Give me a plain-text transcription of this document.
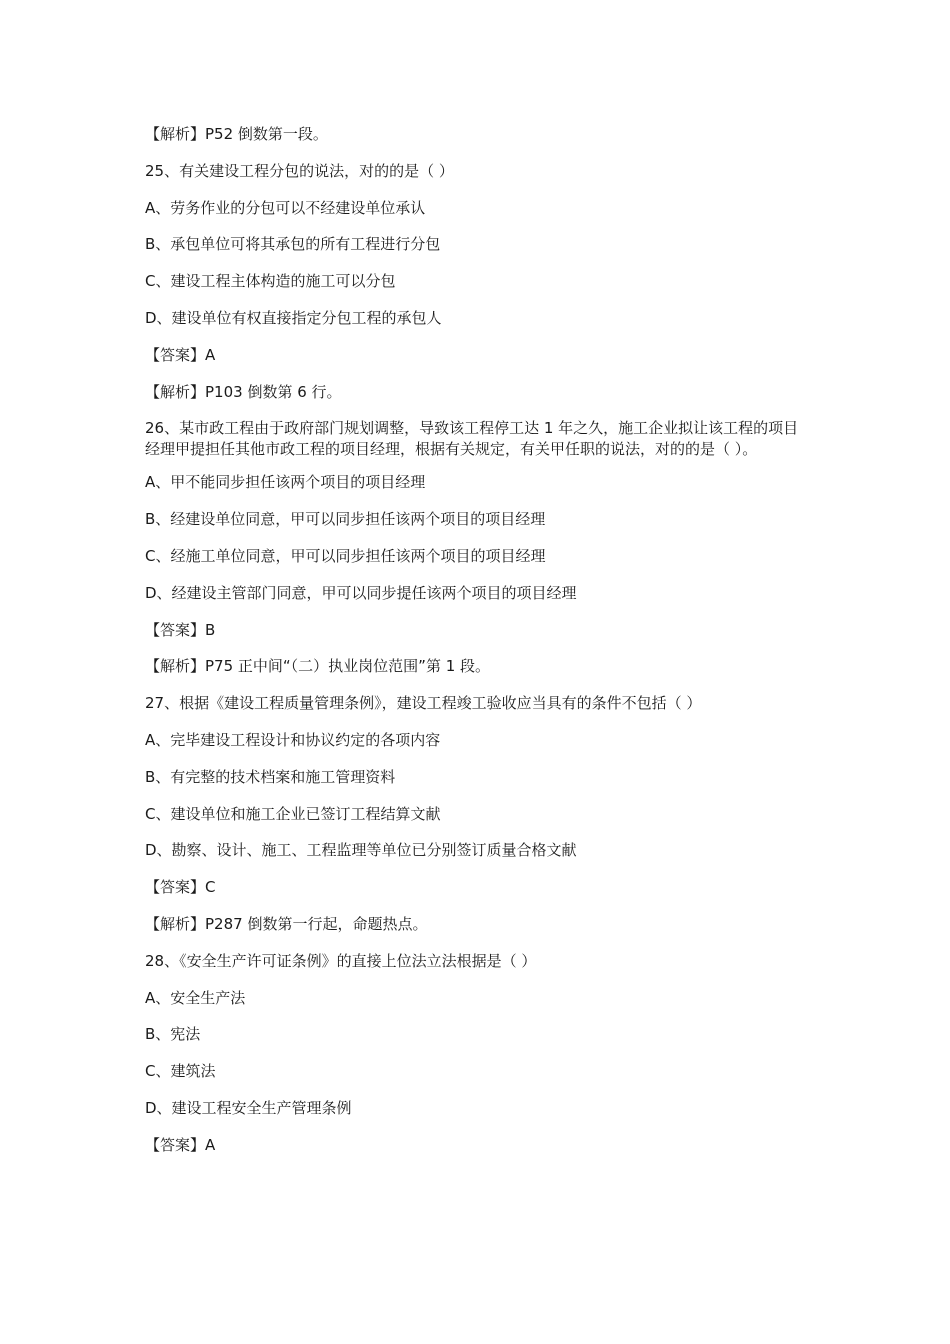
【解析】P52 倒数第一段。

25、有关建设工程分包的说法，对的的是（ ）

A、劳务作业的分包可以不经建设单位承认

B、承包单位可将其承包的所有工程进行分包

C、建设工程主体构造的施工可以分包

D、建设单位有权直接指定分包工程的承包人

【答案】A

【解析】P103 倒数第 6 行。

26、某市政工程由于政府部门规划调整，导致该工程停工达 1 年之久，施工企业拟让该工程的项目经理甲提担任其他市政工程的项目经理，根据有关规定，有关甲任职的说法，对的的是（ ）。

A、甲不能同步担任该两个项目的项目经理

B、经建设单位同意，甲可以同步担任该两个项目的项目经理

C、经施工单位同意，甲可以同步担任该两个项目的项目经理

D、经建设主管部门同意，甲可以同步提任该两个项目的项目经理

【答案】B

【解析】P75 正中间“（二）执业岗位范围”第 1 段。

27、根据《建设工程质量管理条例》，建设工程竣工验收应当具有的条件不包括（ ）

A、完毕建设工程设计和协议约定的各项内容

B、有完整的技术档案和施工管理资料

C、建设单位和施工企业已签订工程结算文献

D、勘察、设计、施工、工程监理等单位已分别签订质量合格文献

【答案】C

【解析】P287 倒数第一行起，命题热点。

28、《安全生产许可证条例》的直接上位法立法根据是（ ）

A、安全生产法

B、宪法

C、建筑法

D、建设工程安全生产管理条例

【答案】A
